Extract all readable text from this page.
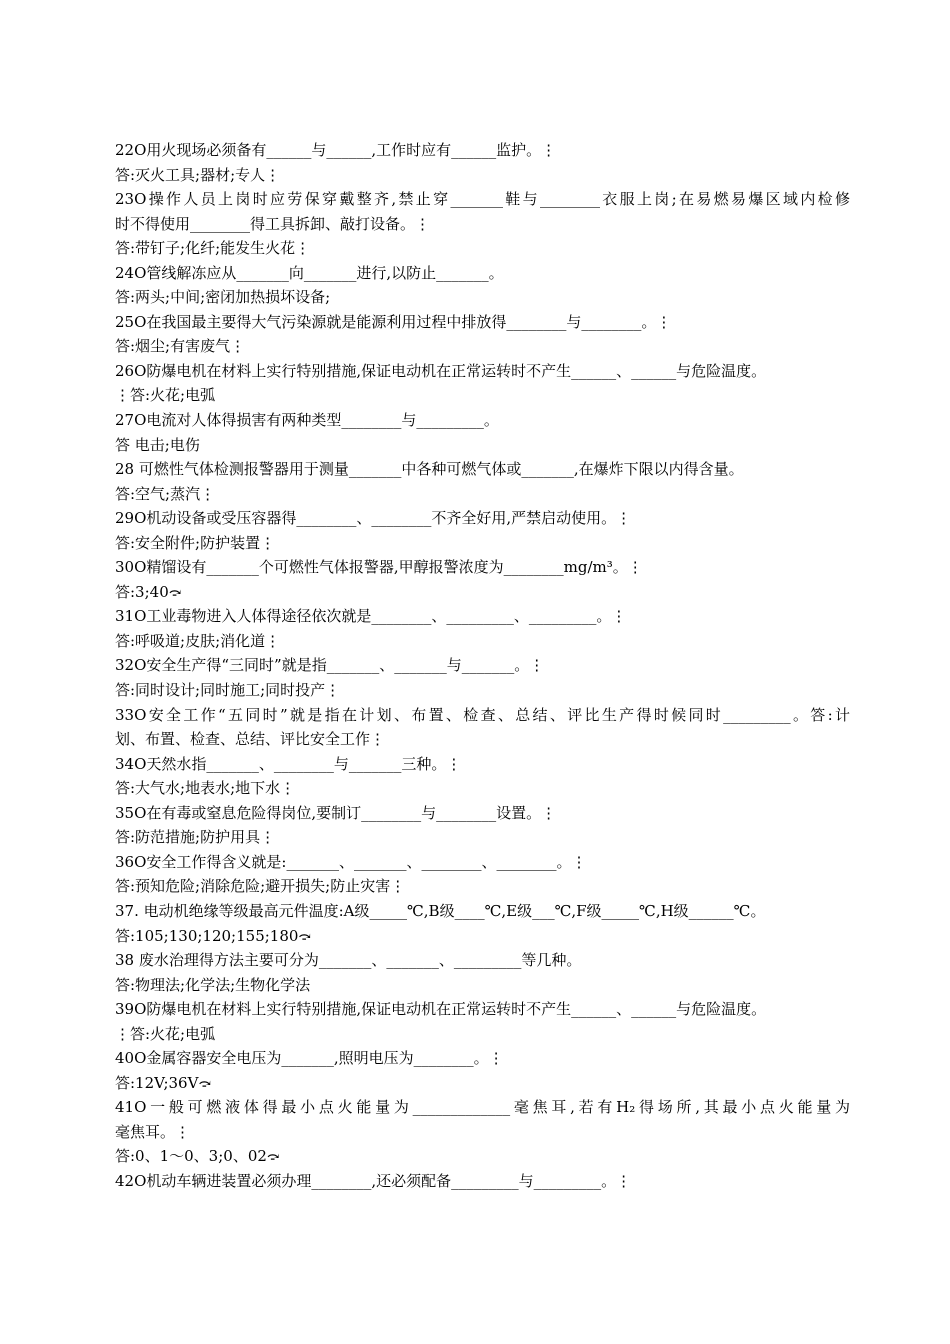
22О用火现场必须备有______与______,工作时应有______监护。⋮
答:灭火工具;器材;专人⋮
23О操作人员上岗时应劳保穿戴整齐,禁止穿_______鞋与________衣服上岗;在易燃易爆区域内检修
时不得使用________得工具拆卸、敲打设备。⋮
答:带钉子;化纤;能发生火花⋮
24О管线解冻应从_______向_______进行,以防止_______。
答:两头;中间;密闭加热损坏设备;
25О在我国最主要得大气污染源就是能源利用过程中排放得________与________。⋮
答:烟尘;有害废气⋮
26О防爆电机在材料上实行特别措施,保证电动机在正常运转时不产生______、______与危险温度。
⋮答:火花;电弧
27О电流对人体得损害有两种类型________与_________。
答 电击;电伤
28 可燃性气体检测报警器用于测量_______中各种可燃气体或_______,在爆炸下限以内得含量。
答:空气;蒸汽⋮
29О机动设备或受压容器得________、________不齐全好用,严禁启动使用。⋮
答:安全附件;防护装置⋮
30О精馏设有_______个可燃性气体报警器,甲醇报警浓度为________mg/m³。⋮
答:3;40⤼
31О工业毒物进入人体得途径依次就是________、_________、_________。⋮
答:呼吸道;皮肤;消化道⋮
32О安全生产得“三同时”就是指_______、_______与_______。⋮
答:同时设计;同时施工;同时投产⋮
33О安全工作“五同时”就是指在计划、布置、检查、总结、评比生产得时候同时_________。答:计
划、布置、检查、总结、评比安全工作⋮
34О天然水指_______、________与_______三种。⋮
答:大气水;地表水;地下水⋮
35О在有毒或窒息危险得岗位,要制订________与________设置。⋮
答:防范措施;防护用具⋮
36О安全工作得含义就是:_______、_______、________、________。⋮
答:预知危险;消除危险;避开损失;防止灾害⋮
37. 电动机绝缘等级最高元件温度:A级_____℃,B级____℃,E级___℃,F级_____℃,H级______℃。
答:105;130;120;155;180⤼
38 废水治理得方法主要可分为_______、_______、_________等几种。
答:物理法;化学法;生物化学法
39О防爆电机在材料上实行特别措施,保证电动机在正常运转时不产生______、______与危险温度。
⋮答:火花;电弧
40О金属容器安全电压为_______,照明电压为________。⋮
答:12V;36V⤼
41О一般可燃液体得最小点火能量为_____________毫焦耳,若有H₂得场所,其最小点火能量为
毫焦耳。⋮
答:0、1～0、3;0、02⤼
42О机动车辆进装置必须办理________,还必须配备_________与_________。⋮
